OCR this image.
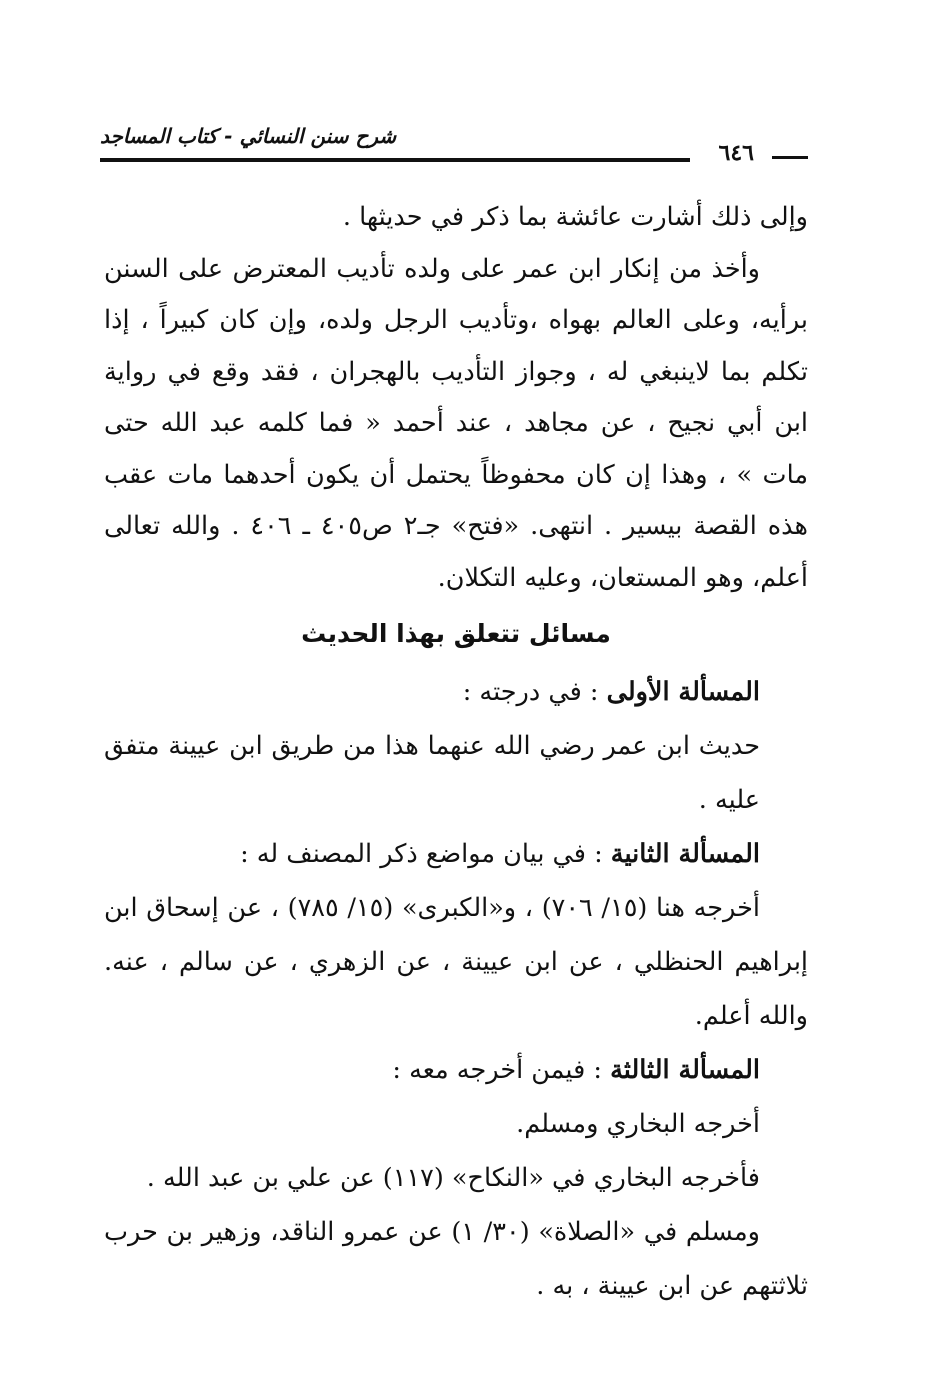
شرح سنن النسائي - كتاب المساجد
٦٤٦

وإلى ذلك أشارت عائشة بما ذكر في حديثها .

وأخذ من إنكار ابن عمر على ولده تأديب المعترض على السنن برأيه، وعلى العالم بهواه ،وتأديب الرجل ولده، وإن كان كبيراً ، إذا تكلم بما لاينبغي له ، وجواز التأديب بالهجران ، فقد وقع في رواية ابن أبي نجيح ، عن مجاهد ، عند أحمد « فما كلمه عبد الله حتى مات » ، وهذا إن كان محفوظاً يحتمل أن يكون أحدهما مات عقب هذه القصة بيسير . انتهى. «فتح» جـ٢ ص٤٠٥ ـ ٤٠٦ . والله تعالى أعلم، وهو المستعان، وعليه التكلان.

مسائل تتعلق بهذا الحديث

المسألة الأولى : في درجته :

حديث ابن عمر رضي الله عنهما هذا من طريق ابن عيينة متفق عليه .

المسألة الثانية : في بيان مواضع ذكر المصنف له :

أخرجه هنا (١٥/ ٧٠٦) ، و«الكبرى» (١٥/ ٧٨٥) ، عن إسحاق ابن إبراهيم الحنظلي ، عن ابن عيينة ، عن الزهري ، عن سالم ، عنه. والله أعلم.

المسألة الثالثة : فيمن أخرجه معه :

أخرجه البخاري ومسلم.

فأخرجه البخاري في «النكاح» (١١٧) عن علي بن عبد الله .

ومسلم في «الصلاة» (٣٠/ ١) عن عمرو الناقد، وزهير بن حرب ثلاثتهم عن ابن عيينة ، به .
